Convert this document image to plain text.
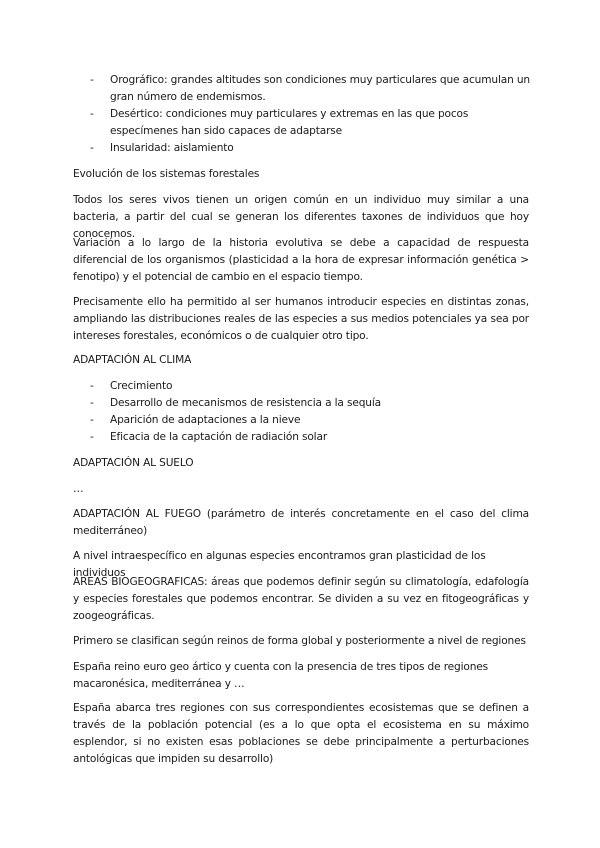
- Orográfico: grandes altitudes son condiciones muy particulares que acumulan un gran número de endemismos.
- Desértico: condiciones muy particulares y extremas en las que pocos especímenes han sido capaces de adaptarse
- Insularidad: aislamiento

Evolución de los sistemas forestales

Todos los seres vivos tienen un origen común en un individuo muy similar a una bacteria, a partir del cual se generan los diferentes taxones de individuos que hoy conocemos.

Variación a lo largo de la historia evolutiva se debe a capacidad de respuesta diferencial de los organismos (plasticidad a la hora de expresar información genética > fenotipo) y el potencial de cambio en el espacio tiempo.

Precisamente ello ha permitido al ser humanos introducir especies en distintas zonas, ampliando las distribuciones reales de las especies a sus medios potenciales ya sea por intereses forestales, económicos o de cualquier otro tipo.

ADAPTACIÓN AL CLIMA

- Crecimiento
- Desarrollo de mecanismos de resistencia a la sequía
- Aparición de adaptaciones a la nieve
- Eficacia de la captación de radiación solar

ADAPTACIÓN AL SUELO

…

ADAPTACIÓN AL FUEGO (parámetro de interés concretamente en el caso del clima mediterráneo)

A nivel intraespecífico en algunas especies encontramos gran plasticidad de los individuos

AREAS BIOGEOGRAFICAS: áreas que podemos definir según su climatología, edafología y especies forestales que podemos encontrar. Se dividen a su vez en fitogeográficas y zoogeográficas.

Primero se clasifican según reinos de forma global y posteriormente a nivel de regiones

España reino euro geo ártico y cuenta con la presencia de tres tipos de regiones macaronésica, mediterránea y …

España abarca tres regiones con sus correspondientes ecosistemas que se definen a través de la población potencial (es a lo que opta el ecosistema en su máximo esplendor, si no existen esas poblaciones se debe principalmente a perturbaciones antológicas que impiden su desarrollo)
